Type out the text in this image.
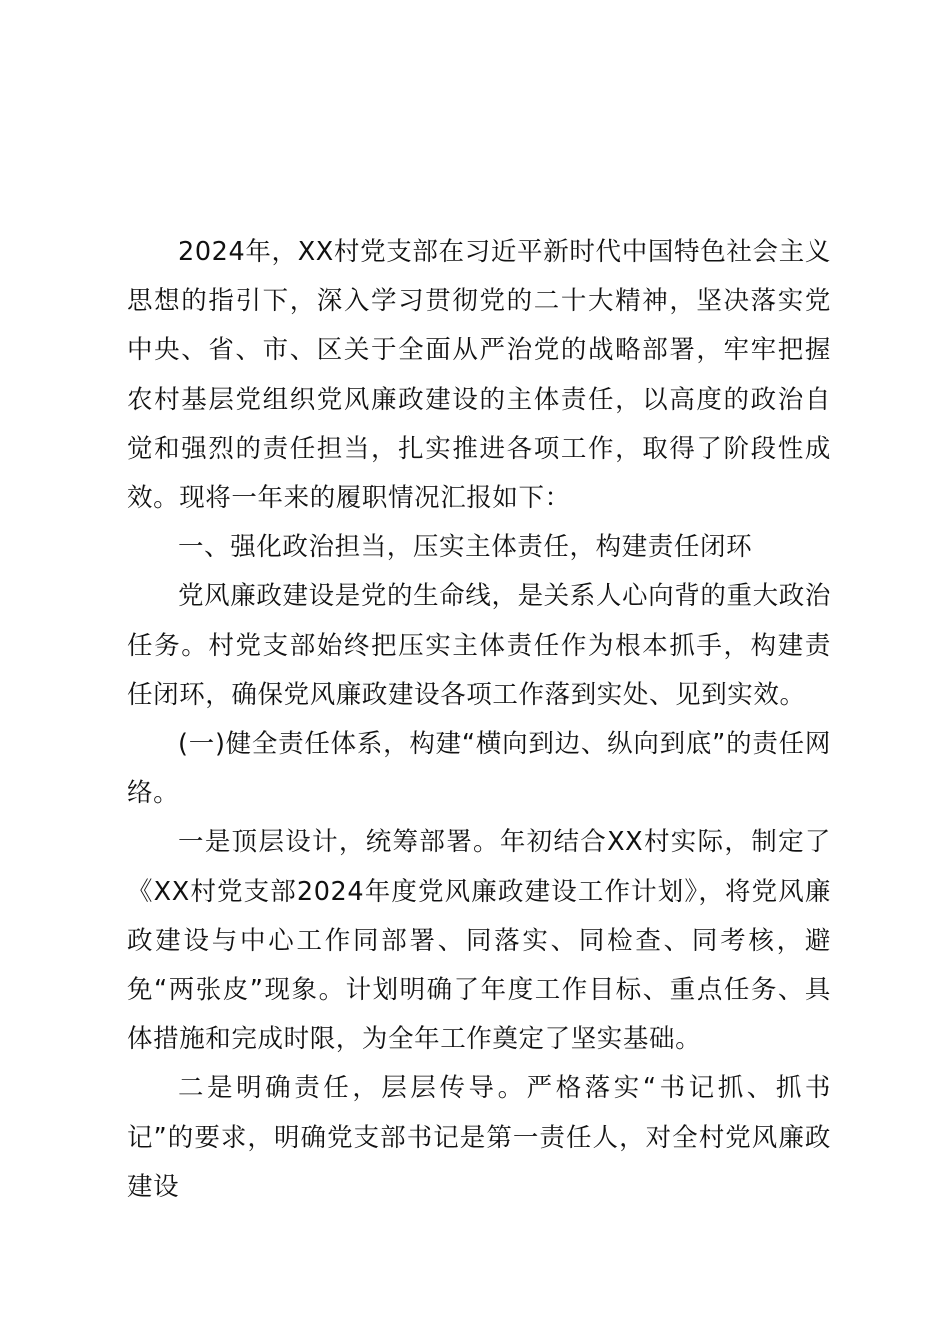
2024年，XX村党支部在习近平新时代中国特色社会主义思想的指引下，深入学习贯彻党的二十大精神，坚决落实党中央、省、市、区关于全面从严治党的战略部署，牢牢把握农村基层党组织党风廉政建设的主体责任，以高度的政治自觉和强烈的责任担当，扎实推进各项工作，取得了阶段性成效。现将一年来的履职情况汇报如下：

一、强化政治担当，压实主体责任，构建责任闭环

党风廉政建设是党的生命线，是关系人心向背的重大政治任务。村党支部始终把压实主体责任作为根本抓手，构建责任闭环，确保党风廉政建设各项工作落到实处、见到实效。

(一)健全责任体系，构建“横向到边、纵向到底”的责任网络。

一是顶层设计，统筹部署。年初结合XX村实际，制定了《XX村党支部2024年度党风廉政建设工作计划》，将党风廉政建设与中心工作同部署、同落实、同检查、同考核，避免“两张皮”现象。计划明确了年度工作目标、重点任务、具体措施和完成时限，为全年工作奠定了坚实基础。

二是明确责任，层层传导。严格落实“书记抓、抓书记”的要求，明确党支部书记是第一责任人，对全村党风廉政建设
